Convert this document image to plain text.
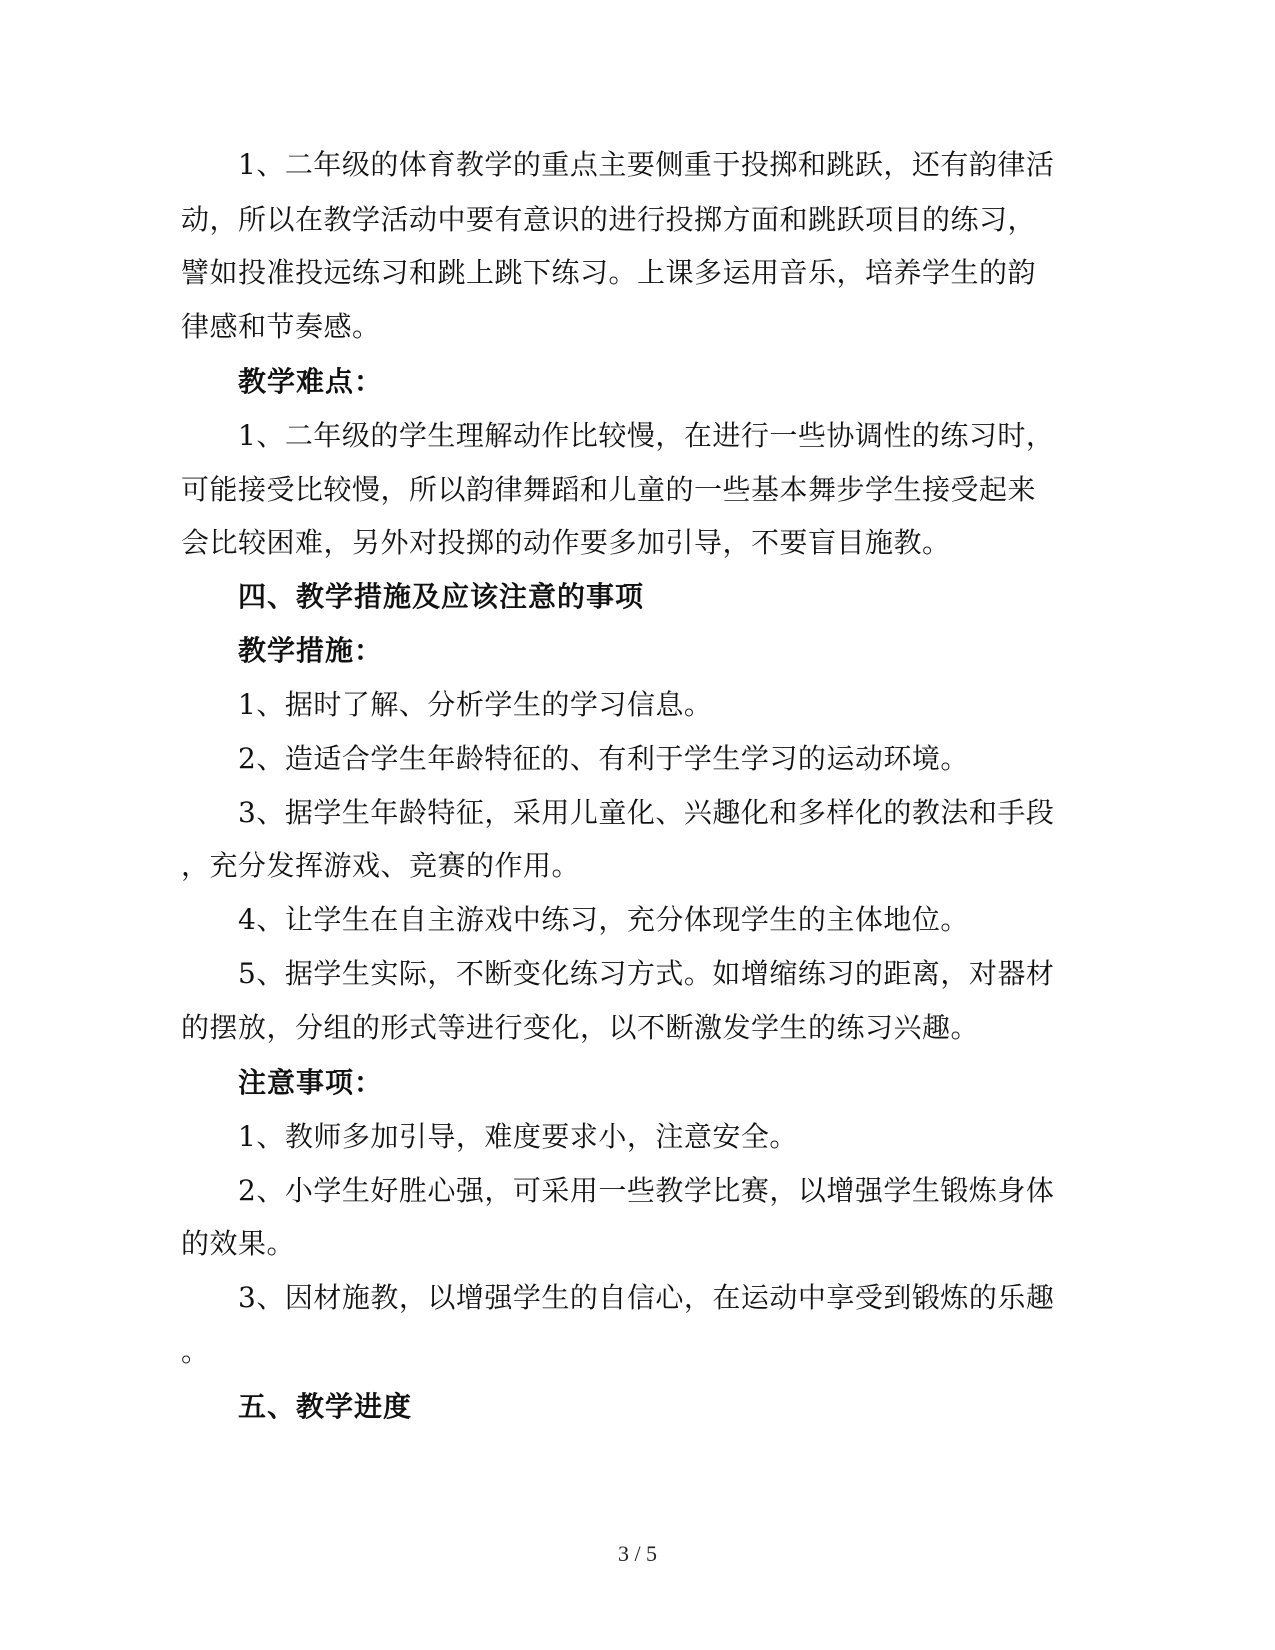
1、二年级的体育教学的重点主要侧重于投掷和跳跃，还有韵律活
动，所以在教学活动中要有意识的进行投掷方面和跳跃项目的练习，
譬如投准投远练习和跳上跳下练习。上课多运用音乐，培养学生的韵
律感和节奏感。
教学难点：
1、二年级的学生理解动作比较慢，在进行一些协调性的练习时，
可能接受比较慢，所以韵律舞蹈和儿童的一些基本舞步学生接受起来
会比较困难，另外对投掷的动作要多加引导，不要盲目施教。
四、教学措施及应该注意的事项
教学措施：
1、据时了解、分析学生的学习信息。
2、造适合学生年龄特征的、有利于学生学习的运动环境。
3、据学生年龄特征，采用儿童化、兴趣化和多样化的教法和手段
，充分发挥游戏、竞赛的作用。
4、让学生在自主游戏中练习，充分体现学生的主体地位。
5、据学生实际，不断变化练习方式。如增缩练习的距离，对器材
的摆放，分组的形式等进行变化，以不断激发学生的练习兴趣。
注意事项：
1、教师多加引导，难度要求小，注意安全。
2、小学生好胜心强，可采用一些教学比赛，以增强学生锻炼身体
的效果。
3、因材施教，以增强学生的自信心，在运动中享受到锻炼的乐趣
。
五、教学进度
3 / 5
